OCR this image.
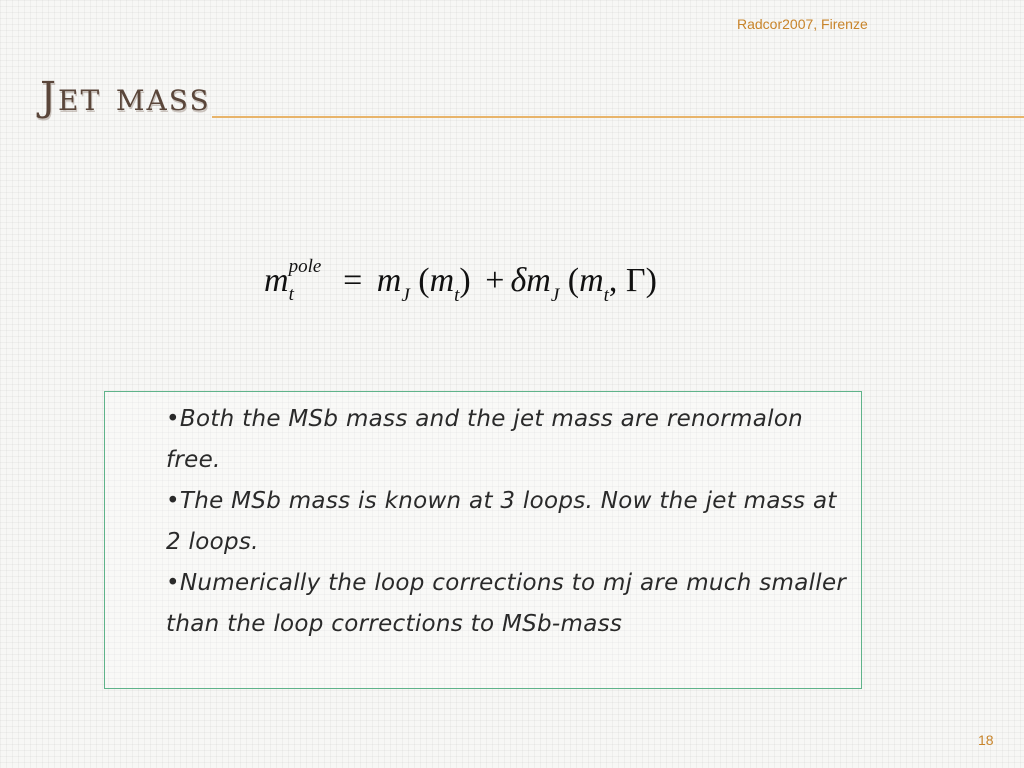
Radcor2007, Firenze
Jet mass
m pole
$t = m_J$ $(m_t) + \delta m_J$ ($m_t$, Γ)
•Both the MSb mass and the jet mass are renormalon free.
•The MSb mass is known at 3 loops. Now the jet mass at 2 loops.
•Numerically the loop corrections to mj are much smaller than the loop corrections to MSb-mass
18
